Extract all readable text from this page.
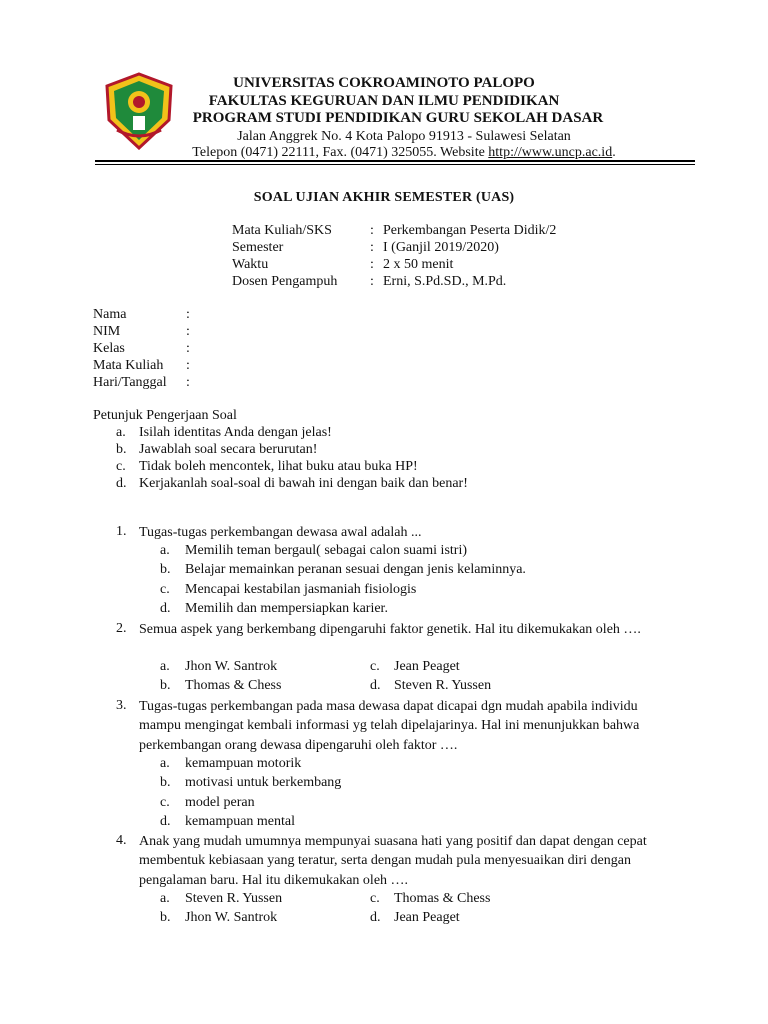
UNIVERSITAS COKROAMINOTO PALOPO
FAKULTAS KEGURUAN DAN ILMU PENDIDIKAN
PROGRAM STUDI PENDIDIKAN GURU SEKOLAH DASAR
Jalan Anggrek No. 4 Kota Palopo 91913 - Sulawesi Selatan
Telepon (0471) 22111, Fax. (0471) 325055. Website http://www.uncp.ac.id.
SOAL UJIAN AKHIR SEMESTER (UAS)
Mata Kuliah/SKS	: Perkembangan Peserta Didik/2
Semester	: I (Ganjil 2019/2020)
Waktu	: 2 x 50 menit
Dosen Pengampuh : Erni, S.Pd.SD., M.Pd.
Nama	:
NIM	:
Kelas	:
Mata Kuliah :
Hari/Tanggal :
Petunjuk Pengerjaan Soal
a. Isilah identitas Anda dengan jelas!
b. Jawablah soal secara berurutan!
c. Tidak boleh mencontek, lihat buku atau buka HP!
d. Kerjakanlah soal-soal di bawah ini dengan baik dan benar!
1. Tugas-tugas perkembangan dewasa awal adalah ...
a. Memilih teman bergaul( sebagai calon suami istri)
b. Belajar memainkan peranan sesuai dengan jenis kelaminnya.
c. Mencapai kestabilan jasmaniah fisiologis
d. Memilih dan mempersiapkan karier.
2. Semua aspek yang berkembang dipengaruhi faktor genetik. Hal itu dikemukakan oleh ….
a. Jhon W. Santrok	c. Jean Peaget
b. Thomas & Chess	d. Steven R. Yussen
3. Tugas-tugas perkembangan pada masa dewasa dapat dicapai dgn mudah apabila individu mampu mengingat kembali informasi yg telah dipelajarinya. Hal ini menunjukkan bahwa perkembangan orang dewasa dipengaruhi oleh faktor ….
a. kemampuan motorik
b. motivasi untuk berkembang
c. model peran
d. kemampuan mental
4. Anak yang mudah umumnya mempunyai suasana hati yang positif dan dapat dengan cepat membentuk kebiasaan yang teratur, serta dengan mudah pula menyesuaikan diri dengan pengalaman baru. Hal itu dikemukakan oleh ….
a. Steven R. Yussen	c. Thomas & Chess
b. Jhon W. Santrok	d. Jean Peaget
